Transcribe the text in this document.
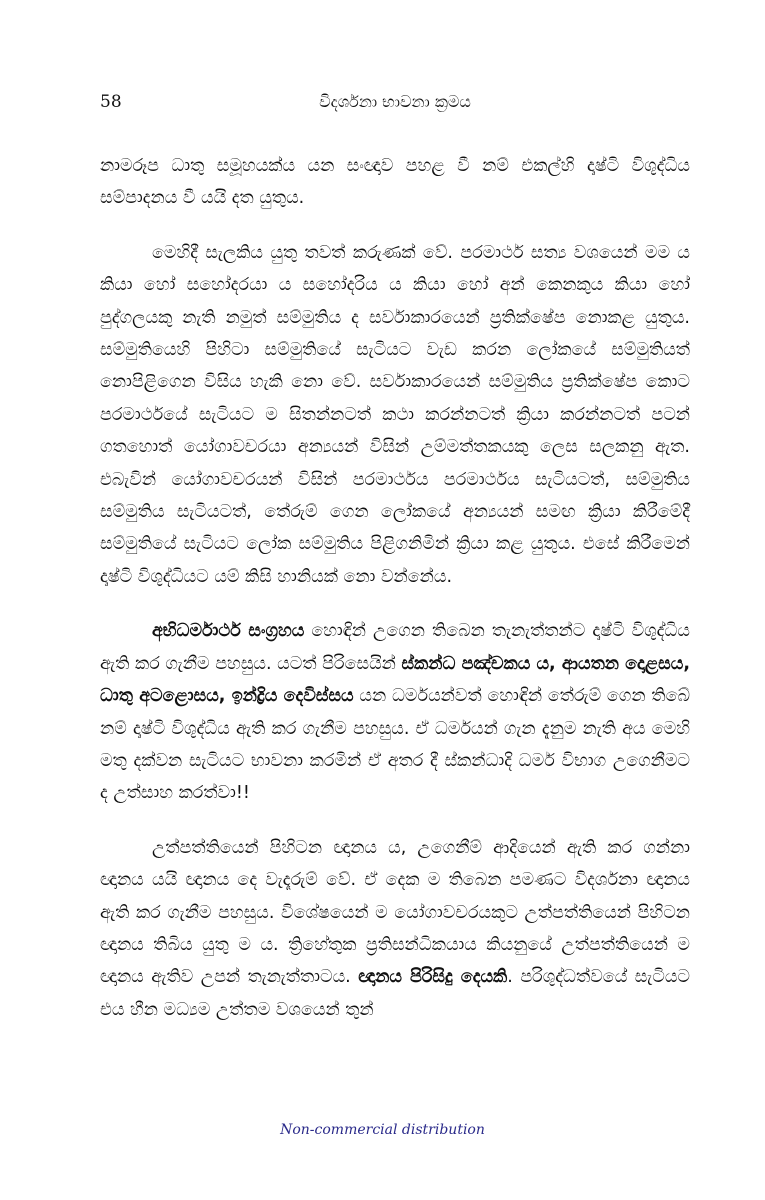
58	විදර්ශනා භාවනා ක්‍රමය

නාමරූප ධාතු සමූහයක්ය යන සංඥාව පහළ වී නම් එකල්හි දෘෂ්ටි විශුද්ධිය සම්පාදනය වී යයි දත යුතුය.

මෙහිදී සැලකිය යුතු තවත් කරුණක් වේ. පරමාර්ථ සත්‍ය වශයෙන් මම ය කියා හෝ සහෝදරයා ය සහෝදරිය ය කියා හෝ අන් කෙනකුය කියා හෝ පුද්ගලයකු නැති නමුත් සම්මුතිය ද සර්වාකාරයෙන් ප්‍රතික්ෂේප නොකළ යුතුය. සම්මුතියෙහි පිහිටා සම්මුතියේ සැටියට වැඩ කරන ලෝකයේ සම්මුතියත් නොපිළිගෙන විසිය හැකි නො වේ. සර්වාකාරයෙන් සම්මුතිය ප්‍රතික්ෂේප කොට පරමාර්ථයේ සැටියට ම සිතන්නටත් කථා කරන්නටත් ක්‍රියා කරන්නටත් පටන් ගතහොත් යෝගාවචරයා අන්‍යයන් විසින් උම්මත්තකයකු ලෙස සලකනු ඇත. එබැවින් යෝගාවචරයන් විසින් පරමාර්ථය පරමාර්ථය සැටියටත්, සම්මුතිය සම්මුතිය සැටියටත්, තේරුම් ගෙන ලෝකයේ අන්‍යයන් සමඟ ක්‍රියා කිරීමේදී සම්මුතියේ සැටියට ලෝක සම්මුතිය පිළිගනිමින් ක්‍රියා කළ යුතුය. එසේ කිරීමෙන් දෘෂ්ටි විශුද්ධියට යම් කිසි හානියක් නො වන්නේය.

අභිධර්මාර්ථ සංග්‍රහය හොඳින් උගෙන තිබෙන තැනැත්තන්ට දෘෂ්ටි විශුද්ධිය ඇති කර ගැනීම පහසුය. යටත් පිරිසෙයින් ස්කන්ධ පඤ්චකය ය, ආයතන දොළසය, ධාතු අටළොසය, ඉන්ද්‍රිය දෙවිස්සය යන ධර්මයන්වත් හොඳින් තේරුම් ගෙන තිබේ නම් දෘෂ්ටි විශුද්ධිය ඇති කර ගැනීම පහසුය. ඒ ධර්මයන් ගැන දැනුම නැති අය මෙහි මතු දක්වන සැටියට භාවනා කරමින් ඒ අතර දී ස්කන්ධාදි ධර්ම විභාග උගෙනීමට ද උත්සාහ කරත්වා!!

උත්පත්තියෙන් පිහිටන ඥානය ය, උගෙනීම් ආදියෙන් ඇති කර ගන්නා ඥානය යයි ඥානය දෙ වැදෑරුම් වේ. ඒ දෙක ම තිබෙන පමණට විදර්ශනා ඥානය ඇති කර ගැනීම පහසුය. විශේෂයෙන් ම යෝගාවචරයකුට උත්පත්තියෙන් පිහිටන ඥානය තිබිය යුතු ම ය. ත්‍රිහේතුක ප්‍රතිසන්ධිකයාය කියනුයේ උත්පත්තියෙන් ම ඥානය ඇතිව උපන් තැනැත්තාටය. ඥානය පිරිසිදු දෙයකි. පරිශුද්ධත්වයේ සැටියට එය හීන මධ්‍යම උත්තම වශයෙන් තුන්

Non-commercial distribution
